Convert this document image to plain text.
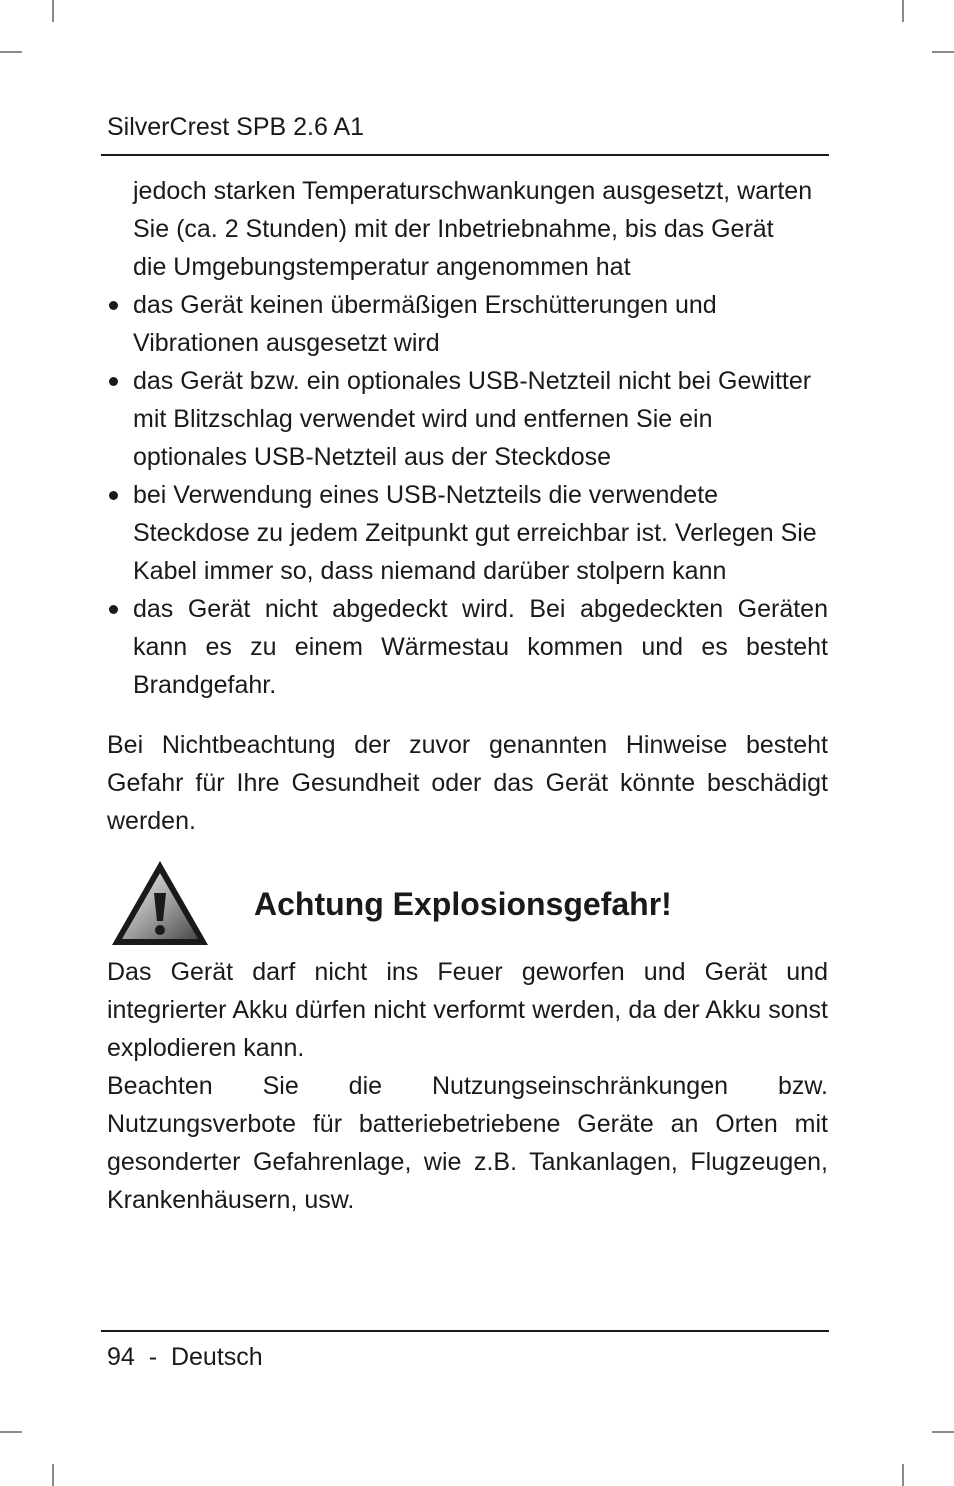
SilverCrest SPB 2.6 A1
jedoch starken Temperaturschwankungen ausgesetzt, warten
Sie (ca. 2 Stunden) mit der Inbetriebnahme, bis das Gerät
die Umgebungstemperatur angenommen hat
das Gerät keinen übermäßigen Erschütterungen und Vibrationen ausgesetzt wird
das Gerät bzw. ein optionales USB-Netzteil nicht bei Gewitter mit Blitzschlag verwendet wird und entfernen Sie ein optionales USB-Netzteil aus der Steckdose
bei Verwendung eines USB-Netzteils die verwendete Steckdose zu jedem Zeitpunkt gut erreichbar ist. Verlegen Sie Kabel immer so, dass niemand darüber stolpern kann
das Gerät nicht abgedeckt wird. Bei abgedeckten Geräten kann es zu einem Wärmestau kommen und es besteht Brandgefahr.

Bei Nichtbeachtung der zuvor genannten Hinweise besteht Gefahr für Ihre Gesundheit oder das Gerät könnte beschädigt werden.

Achtung Explosionsgefahr!

Das Gerät darf nicht ins Feuer geworfen und Gerät und integrierter Akku dürfen nicht verformt werden, da der Akku sonst explodieren kann.

Beachten Sie die Nutzungseinschränkungen bzw. Nutzungsverbote für batteriebetriebene Geräte an Orten mit gesonderter Gefahrenlage, wie z.B. Tankanlagen, Flugzeugen, Krankenhäusern, usw.

94 - Deutsch
